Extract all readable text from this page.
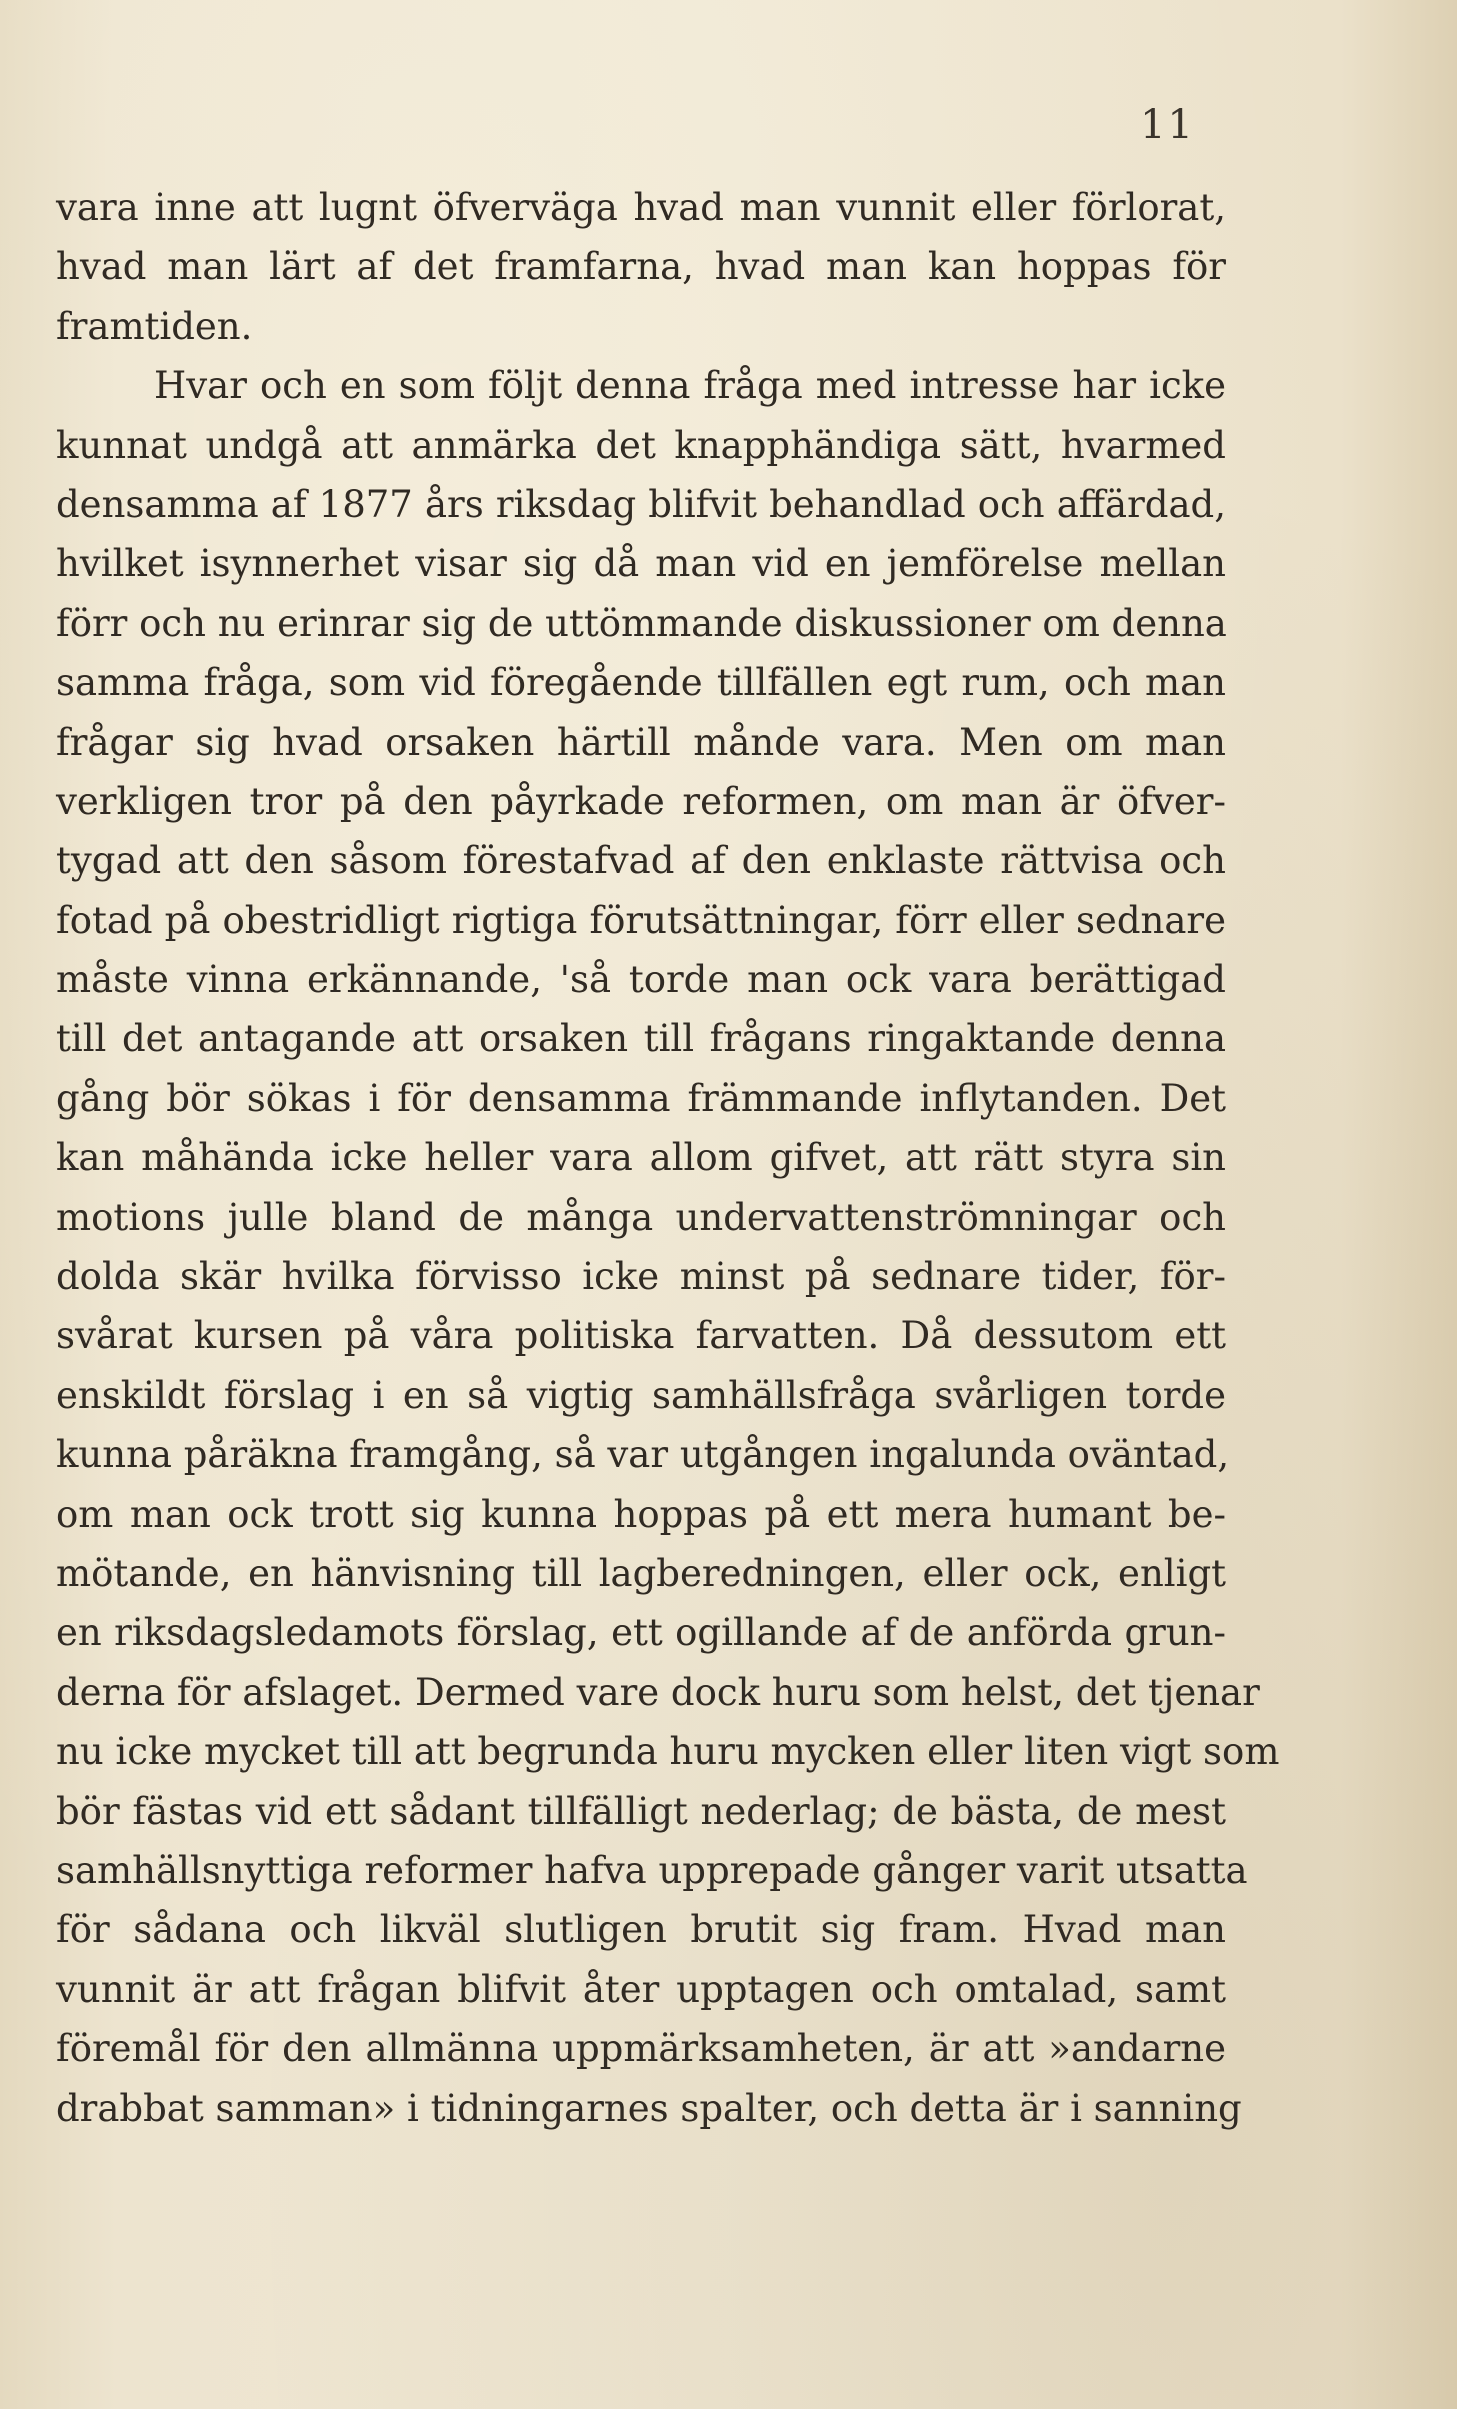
11
vara inne att lugnt öfverväga hvad man vunnit eller förlorat,
hvad man lärt af det framfarna, hvad man kan hoppas för
framtiden.
Hvar och en som följt denna fråga med intresse har icke
kunnat undgå att anmärka det knapphändiga sätt, hvarmed
densamma af 1877 års riksdag blifvit behandlad och affärdad,
hvilket isynnerhet visar sig då man vid en jemförelse mellan
förr och nu erinrar sig de uttömmande diskussioner om denna
samma fråga, som vid föregående tillfällen egt rum, och man
frågar sig hvad orsaken härtill månde vara. Men om man
verkligen tror på den påyrkade reformen, om man är öfver-
tygad att den såsom förestafvad af den enklaste rättvisa och
fotad på obestridligt rigtiga förutsättningar, förr eller sednare
måste vinna erkännande, 'så torde man ock vara berättigad
till det antagande att orsaken till frågans ringaktande denna
gång bör sökas i för densamma främmande inflytanden. Det
kan måhända icke heller vara allom gifvet, att rätt styra sin
motions julle bland de många undervattenströmningar och
dolda skär hvilka förvisso icke minst på sednare tider, för-
svårat kursen på våra politiska farvatten. Då dessutom ett
enskildt förslag i en så vigtig samhällsfråga svårligen torde
kunna påräkna framgång, så var utgången ingalunda oväntad,
om man ock trott sig kunna hoppas på ett mera humant be-
mötande, en hänvisning till lagberedningen, eller ock, enligt
en riksdagsledamots förslag, ett ogillande af de anförda grun-
derna för afslaget. Dermed vare dock huru som helst, det tjenar
nu icke mycket till att begrunda huru mycken eller liten vigt som
bör fästas vid ett sådant tillfälligt nederlag; de bästa, de mest
samhällsnyttiga reformer hafva upprepade gånger varit utsatta
för sådana och likväl slutligen brutit sig fram. Hvad man
vunnit är att frågan blifvit åter upptagen och omtalad, samt
föremål för den allmänna uppmärksamheten, är att »andarne
drabbat samman» i tidningarnes spalter, och detta är i sanning
